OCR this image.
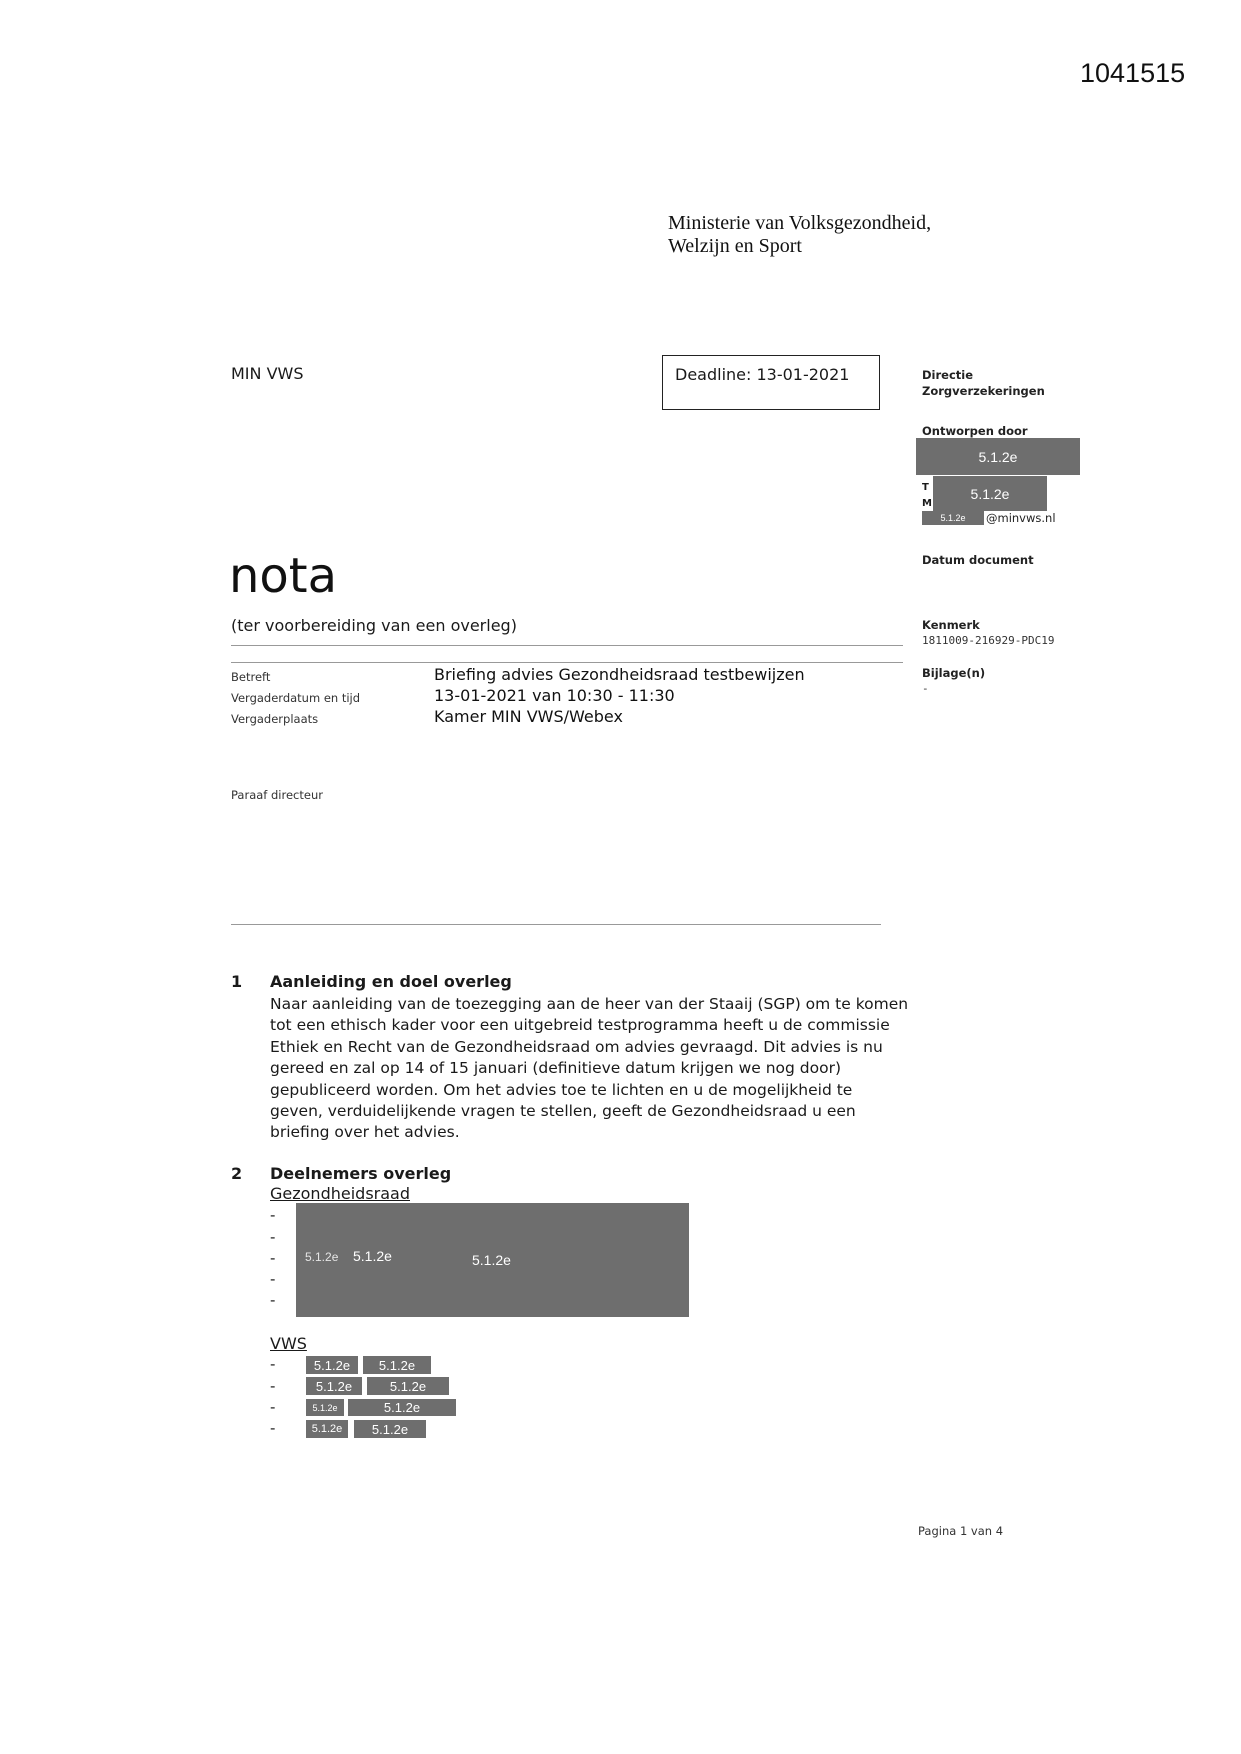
1041515
Ministerie van Volksgezondheid,
Welzijn en Sport
MIN VWS	Deadline: 13-01-2021	Directie
Zorgverzekeringen
Ontworpen door
5.1.2e
T
M
5.1.2e
5.1.2e	@minvws.nl
Datum document
Kenmerk
1811009-216929-PDC19
Bijlage(n)
-
nota
(ter voorbereiding van een overleg)
Betreft	Briefing advies Gezondheidsraad testbewijzen
Vergaderdatum en tijd	13-01-2021 van 10:30 - 11:30
Vergaderplaats	Kamer MIN VWS/Webex
Paraaf directeur
1 Aanleiding en doel overleg
Naar aanleiding van de toezegging aan de heer van der Staaij (SGP) om te komen tot een ethisch kader voor een uitgebreid testprogramma heeft u de commissie Ethiek en Recht van de Gezondheidsraad om advies gevraagd. Dit advies is nu gereed en zal op 14 of 15 januari (definitieve datum krijgen we nog door) gepubliceerd worden. Om het advies toe te lichten en u de mogelijkheid te geven, verduidelijkende vragen te stellen, geeft de Gezondheidsraad u een briefing over het advies.
2 Deelnemers overleg
Gezondheidsraad
-
-
-
-
-
5.1.2e 5.1.2e	5.1.2e
VWS
-	5.1.2e	5.1.2e
-	5.1.2e	5.1.2e
-	5.1.2e	5.1.2e
-	5.1.2e	5.1.2e
Pagina 1 van 4
